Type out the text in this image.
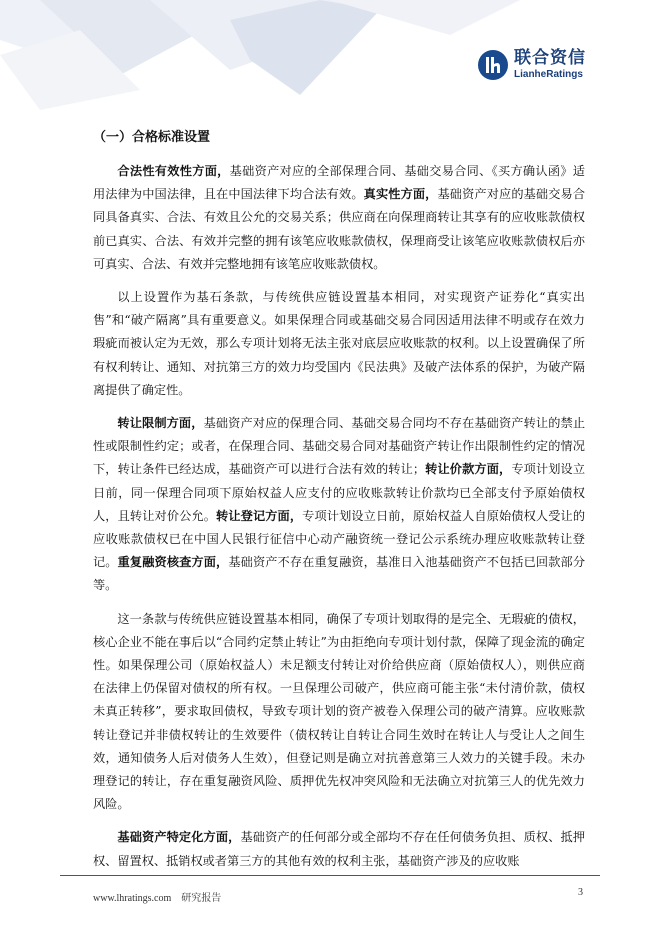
联合资信
LianheRatings
（一）合格标准设置

合法性有效性方面，基础资产对应的全部保理合同、基础交易合同、《买方确认函》适用法律为中国法律，且在中国法律下均合法有效。真实性方面，基础资产对应的基础交易合同具备真实、合法、有效且公允的交易关系；供应商在向保理商转让其享有的应收账款债权前已真实、合法、有效并完整的拥有该笔应收账款债权，保理商受让该笔应收账款债权后亦可真实、合法、有效并完整地拥有该笔应收账款债权。

以上设置作为基石条款，与传统供应链设置基本相同，对实现资产证券化“真实出售”和“破产隔离”具有重要意义。如果保理合同或基础交易合同因适用法律不明或存在效力瑕疵而被认定为无效，那么专项计划将无法主张对底层应收账款的权利。以上设置确保了所有权利转让、通知、对抗第三方的效力均受国内《民法典》及破产法体系的保护，为破产隔离提供了确定性。

转让限制方面，基础资产对应的保理合同、基础交易合同均不存在基础资产转让的禁止性或限制性约定；或者，在保理合同、基础交易合同对基础资产转让作出限制性约定的情况下，转让条件已经达成，基础资产可以进行合法有效的转让；转让价款方面，专项计划设立日前，同一保理合同项下原始权益人应支付的应收账款转让价款均已全部支付予原始债权人，且转让对价公允。转让登记方面，专项计划设立日前，原始权益人自原始债权人受让的应收账款债权已在中国人民银行征信中心动产融资统一登记公示系统办理应收账款转让登记。重复融资核查方面，基础资产不存在重复融资，基准日入池基础资产不包括已回款部分等。

这一条款与传统供应链设置基本相同，确保了专项计划取得的是完全、无瑕疵的债权，核心企业不能在事后以“合同约定禁止转让”为由拒绝向专项计划付款，保障了现金流的确定性。如果保理公司（原始权益人）未足额支付转让对价给供应商（原始债权人），则供应商在法律上仍保留对债权的所有权。一旦保理公司破产，供应商可能主张“未付清价款，债权未真正转移”，要求取回债权，导致专项计划的资产被卷入保理公司的破产清算。应收账款转让登记并非债权转让的生效要件（债权转让自转让合同生效时在转让人与受让人之间生效，通知债务人后对债务人生效），但登记则是确立对抗善意第三人效力的关键手段。未办理登记的转让，存在重复融资风险、质押优先权冲突风险和无法确立对抗第三人的优先效力风险。

基础资产特定化方面，基础资产的任何部分或全部均不存在任何债务负担、质权、抵押权、留置权、抵销权或者第三方的其他有效的权利主张，基础资产涉及的应收账

www.lhratings.com 研究报告
3
